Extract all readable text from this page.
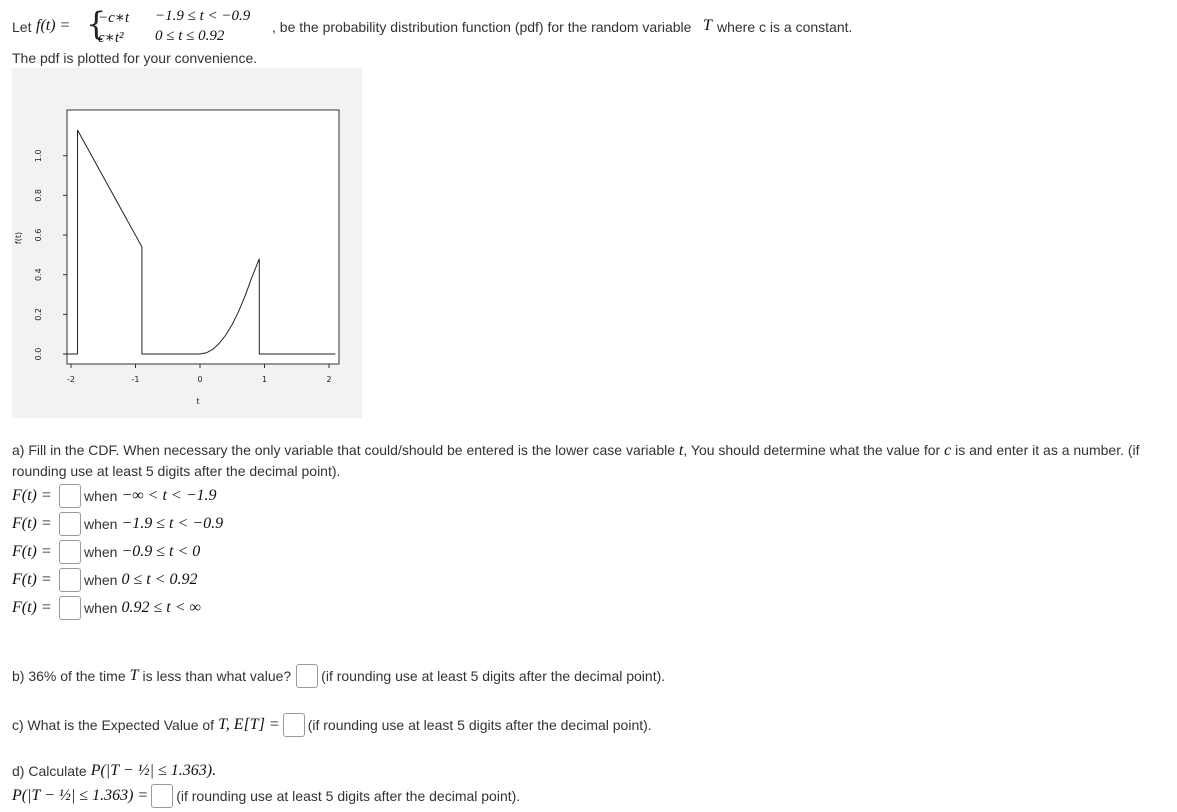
Let f(t) = {
−c∗t −1.9 ≤ t < −0.9
c∗t² 0 ≤ t ≤ 0.92
, be the probability distribution function (pdf) for the random variable T where c is a constant.
The pdf is plotted for your convenience.
-2	-1	0	1	2
0.0
0.2
0.4
0.6
0.8
1.0
t
f(t)
a) Fill in the CDF. When necessary the only variable that could/should be entered is the lower case variable t, You should determine what the value for c is and enter it as a number. (if
rounding use at least 5 digits after the decimal point).
F(t) =	when −∞ < t < −1.9
F(t) =	when −1.9 ≤ t < −0.9
F(t) =	when −0.9 ≤ t < 0
F(t) =	when 0 ≤ t < 0.92
F(t) =	when 0.92 ≤ t < ∞
b) 36% of the time T is less than what value? (if rounding use at least 5 digits after the decimal point).
c) What is the Expected Value of T, E[T] = (if rounding use at least 5 digits after the decimal point).
d) Calculate P(|T − ½| ≤ 1.363).
P(|T − ½| ≤ 1.363) = (if rounding use at least 5 digits after the decimal point).
